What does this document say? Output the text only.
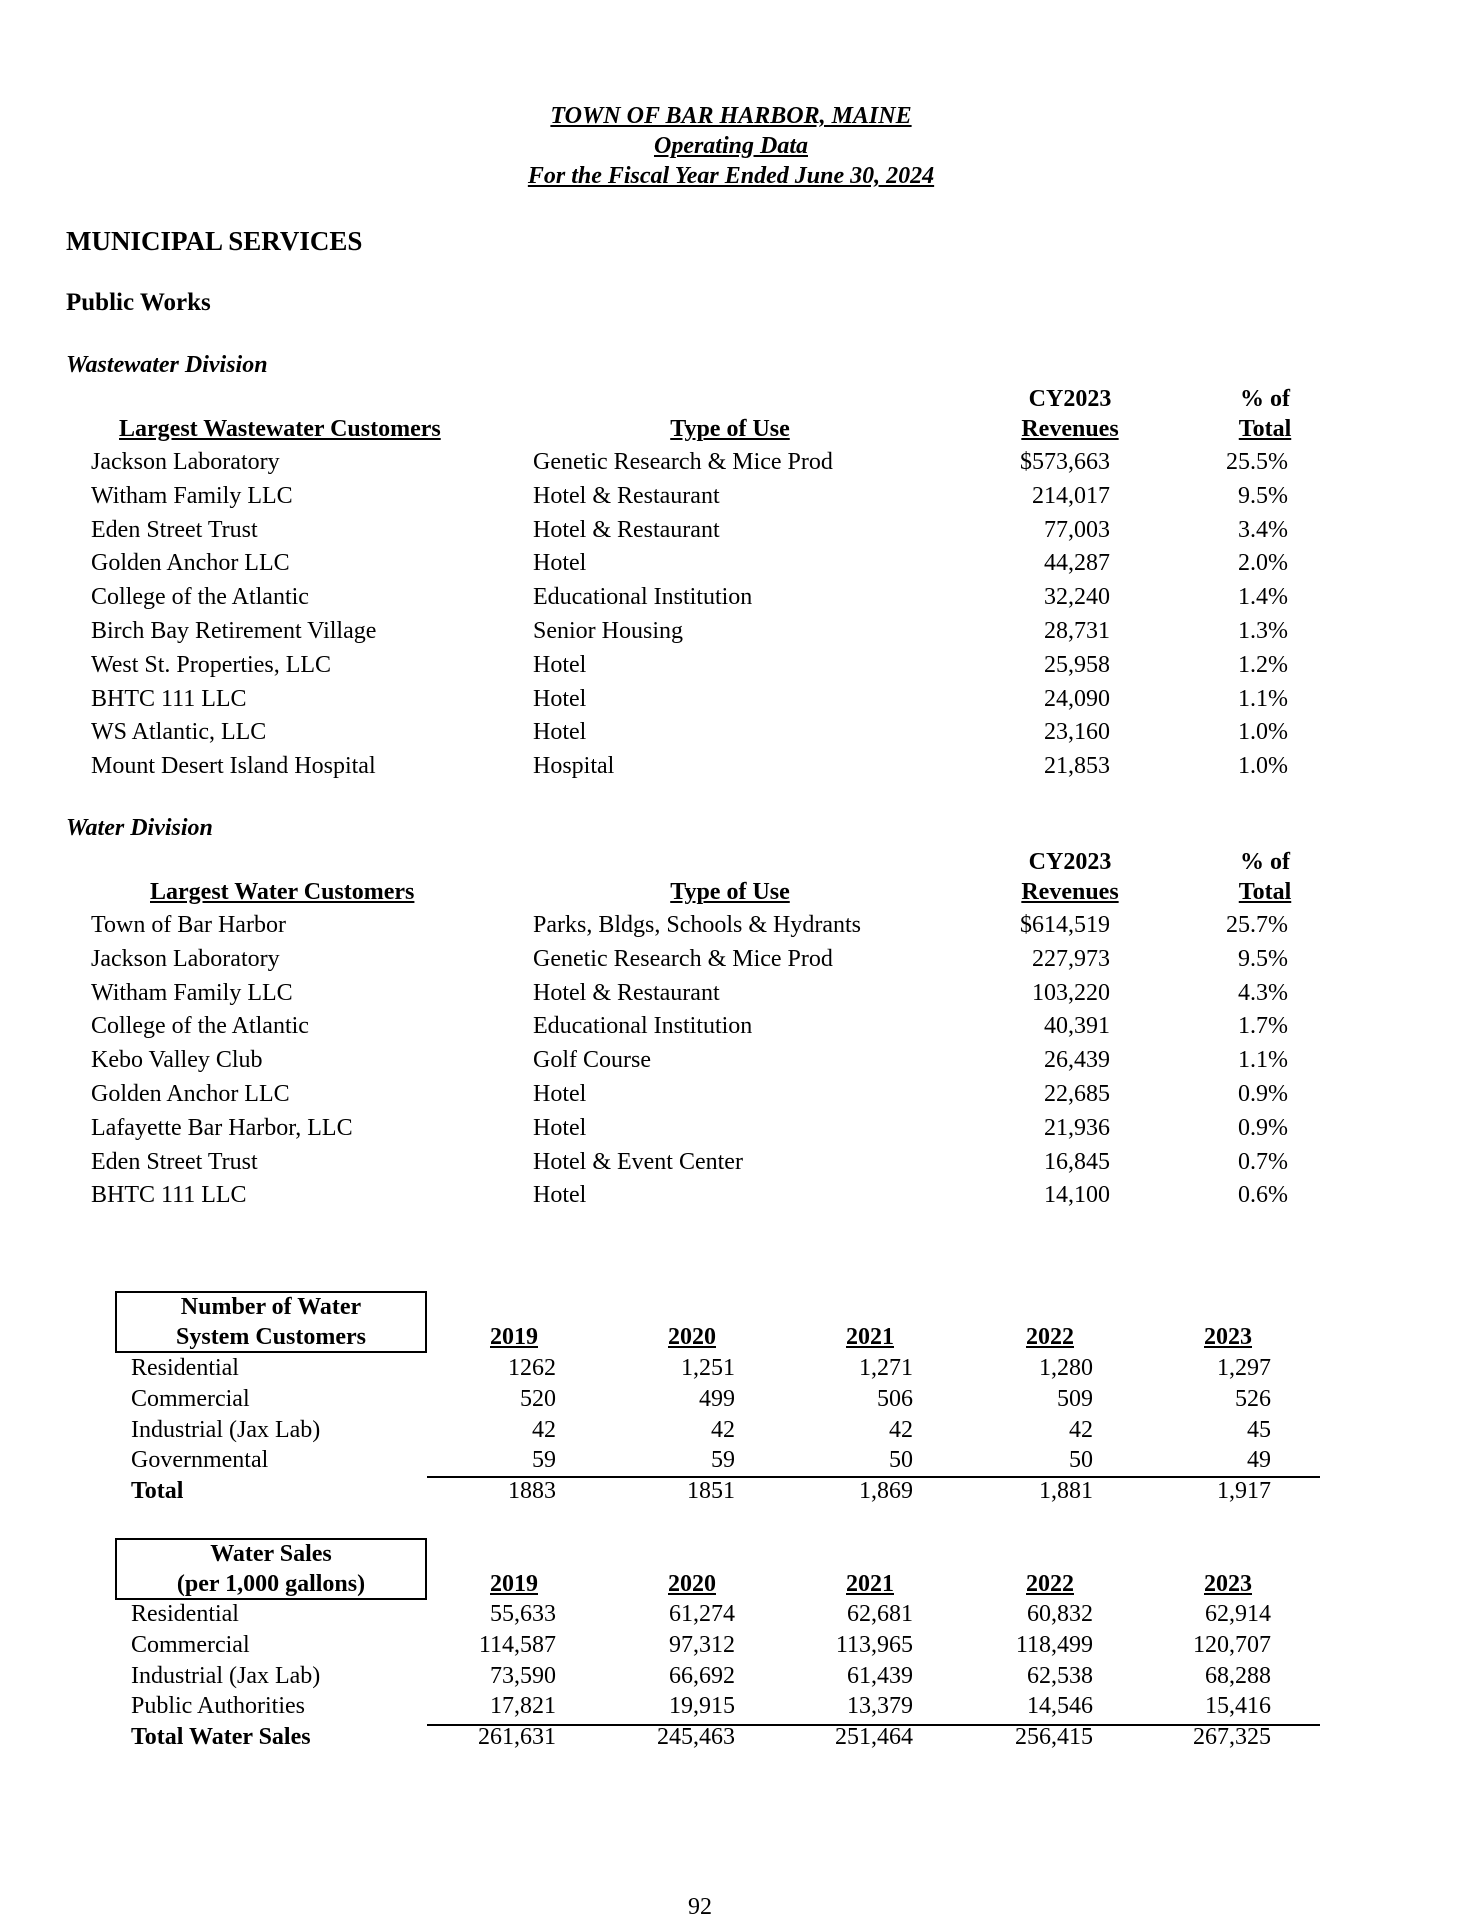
TOWN OF BAR HARBOR, MAINE
Operating Data
For the Fiscal Year Ended June 30, 2024
MUNICIPAL SERVICES
Public Works
Wastewater Division
CY2023	% of
Largest Wastewater Customers	Type of Use	Revenues	Total
Jackson Laboratory	Genetic Research & Mice Prod	$573,663	25.5%
Witham Family LLC	Hotel & Restaurant	214,017	9.5%
Eden Street Trust	Hotel & Restaurant	77,003	3.4%
Golden Anchor LLC	Hotel	44,287	2.0%
College of the Atlantic	Educational Institution	32,240	1.4%
Birch Bay Retirement Village	Senior Housing	28,731	1.3%
West St. Properties, LLC	Hotel	25,958	1.2%
BHTC 111 LLC	Hotel	24,090	1.1%
WS Atlantic, LLC	Hotel	23,160	1.0%
Mount Desert Island Hospital	Hospital	21,853	1.0%
Water Division
CY2023	% of
Largest Water Customers	Type of Use	Revenues	Total
Town of Bar Harbor	Parks, Bldgs, Schools & Hydrants	$614,519	25.7%
Jackson Laboratory	Genetic Research & Mice Prod	227,973	9.5%
Witham Family LLC	Hotel & Restaurant	103,220	4.3%
College of the Atlantic	Educational Institution	40,391	1.7%
Kebo Valley Club	Golf Course	26,439	1.1%
Golden Anchor LLC	Hotel	22,685	0.9%
Lafayette Bar Harbor, LLC	Hotel	21,936	0.9%
Eden Street Trust	Hotel & Event Center	16,845	0.7%
BHTC 111 LLC	Hotel	14,100	0.6%
Number of Water
System Customers	2019	2020	2021	2022	2023
Residential	1262	1,251	1,271	1,280	1,297
Commercial	520	499	506	509	526
Industrial (Jax Lab)	42	42	42	42	45
Governmental	59	59	50	50	49
Total	1883	1851	1,869	1,881	1,917
Water Sales
(per 1,000 gallons)	2019	2020	2021	2022	2023
Residential	55,633	61,274	62,681	60,832	62,914
Commercial	114,587	97,312	113,965	118,499	120,707
Industrial (Jax Lab)	73,590	66,692	61,439	62,538	68,288
Public Authorities	17,821	19,915	13,379	14,546	15,416
Total Water Sales	261,631	245,463	251,464	256,415	267,325
92
